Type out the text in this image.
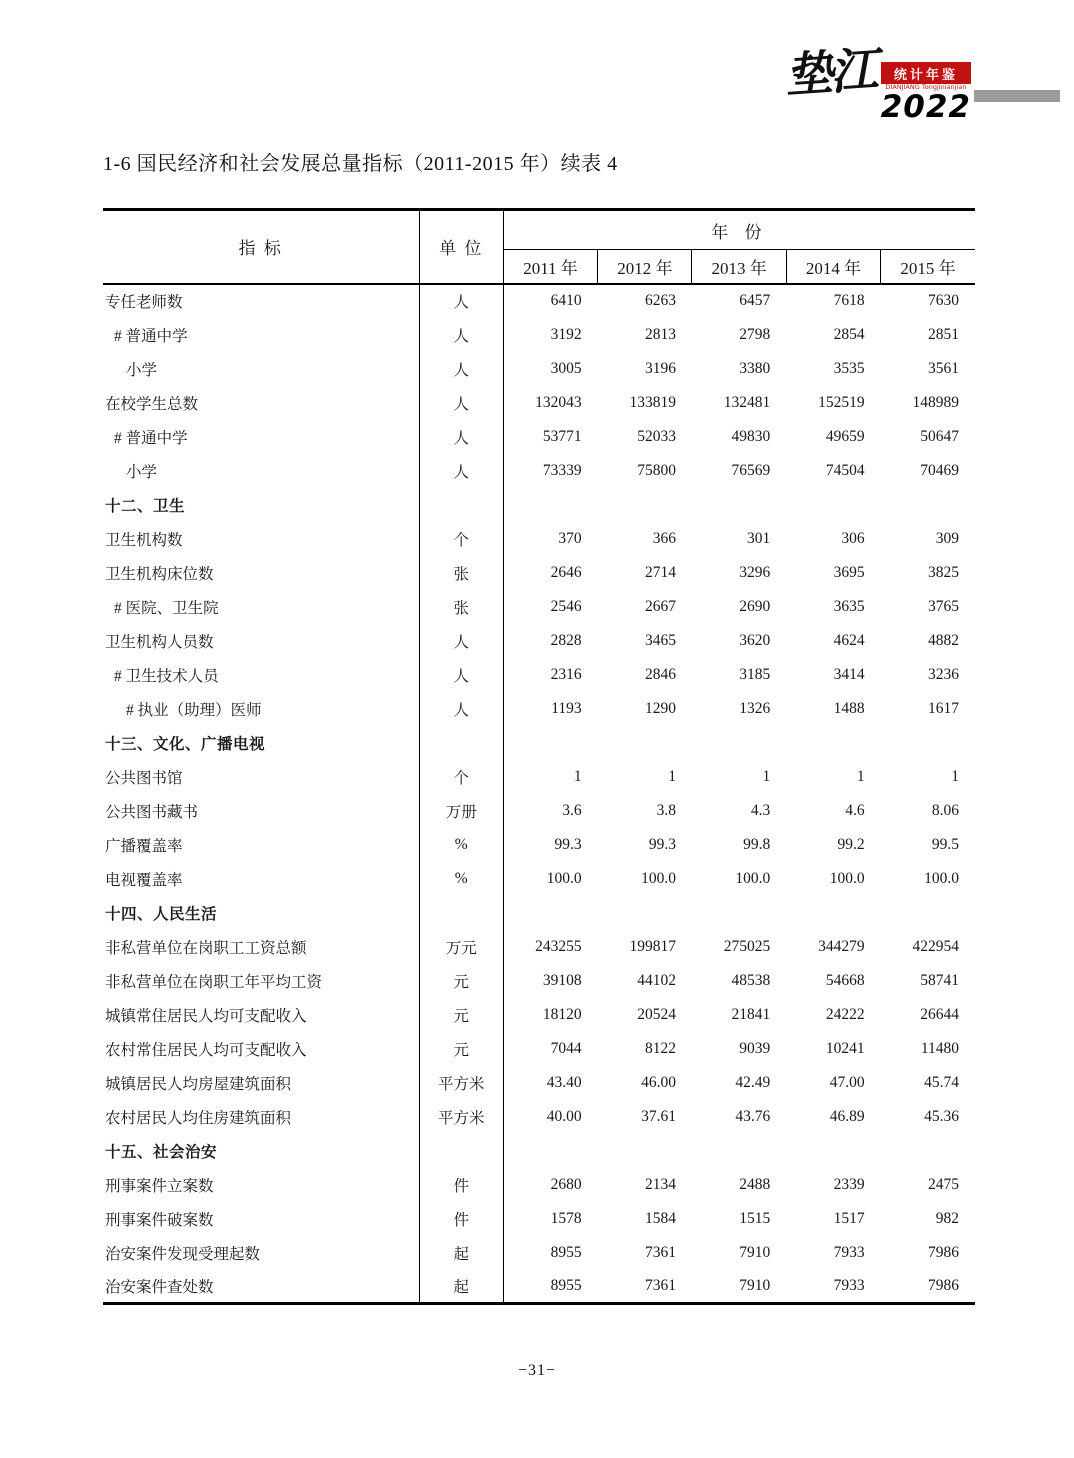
垫江	统计年鉴
DIANJIANG Tongjinianjian
2022
1-6 国民经济和社会发展总量指标（2011-2015 年）续表 4
指 标	单 位	年 份				
		2011 年	2012 年	2013 年	2014 年	2015 年
专任老师数	人	6410	6263	6457	7618	7630
# 普通中学	人	3192	2813	2798	2854	2851
小学	人	3005	3196	3380	3535	3561
在校学生总数	人	132043	133819	132481	152519	148989
# 普通中学	人	53771	52033	49830	49659	50647
小学	人	73339	75800	76569	74504	70469
十二、卫生						
卫生机构数	个	370	366	301	306	309
卫生机构床位数	张	2646	2714	3296	3695	3825
# 医院、卫生院	张	2546	2667	2690	3635	3765
卫生机构人员数	人	2828	3465	3620	4624	4882
# 卫生技术人员	人	2316	2846	3185	3414	3236
# 执业（助理）医师	人	1193	1290	1326	1488	1617
十三、文化、广播电视						
公共图书馆	个	1	1	1	1	1
公共图书藏书	万册	3.6	3.8	4.3	4.6	8.06
广播覆盖率	%	99.3	99.3	99.8	99.2	99.5
电视覆盖率	%	100.0	100.0	100.0	100.0	100.0
十四、人民生活						
非私营单位在岗职工工资总额	万元	243255	199817	275025	344279	422954
非私营单位在岗职工年平均工资	元	39108	44102	48538	54668	58741
城镇常住居民人均可支配收入	元	18120	20524	21841	24222	26644
农村常住居民人均可支配收入	元	7044	8122	9039	10241	11480
城镇居民人均房屋建筑面积	平方米	43.40	46.00	42.49	47.00	45.74
农村居民人均住房建筑面积	平方米	40.00	37.61	43.76	46.89	45.36
十五、社会治安						
刑事案件立案数	件	2680	2134	2488	2339	2475
刑事案件破案数	件	1578	1584	1515	1517	982
治安案件发现受理起数	起	8955	7361	7910	7933	7986
治安案件查处数	起	8955	7361	7910	7933	7986
−31−
